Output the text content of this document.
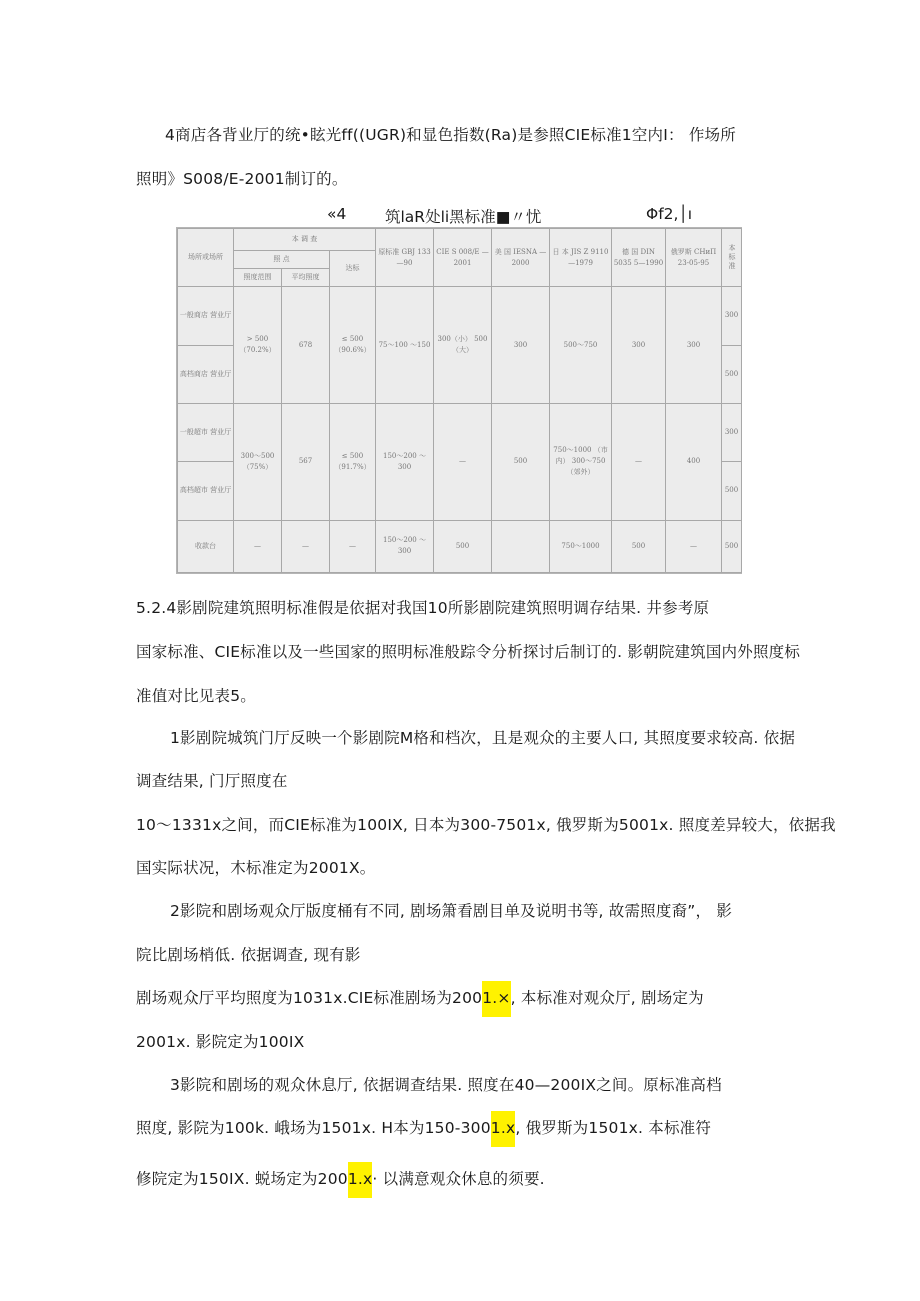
4商店各背业厅的统•眩光ff((UGR)和显色指数(Ra)是参照CIE标准1空内I： 作场所
照明》S008/E-2001制订的。
«4 筑laR处li黑标准■〃忧	Φf2,│ı
场所或场所	本 调 查			原标准 GBJ 133—90	CIE S 008/E —2001	美 国 IESNA —2000	日 本 JIS Z 9110—1979	德 国 DIN 5035 5—1990	俄罗斯 СНиП 23-05-95	本标准
	照 点		达标							
	照度范围	平均照度								
一般商店 营业厅	> 500 （70.2%）	678	≤ 500 （90.6%）	75～100 ～150	300（小） 500（大）	300	500～750	300	300	300
高档商店 营业厅										500
一般超市 营业厅	300～500 （75%）	567	≤ 500 （91.7%）	150～200 ～300	—	500	750～1000 （市内） 300～750 （郊外）	—	400	300
高档超市 营业厅										500
收款台	—	—	—	150～200 ～300	500		750～1000	500	—	500
5.2.4影剧院建筑照明标准假是依据对我国10所影剧院建筑照明调存结果. 井参考原
国家标准、CIE标准以及一些国家的照明标准般踪令分析探讨后制订的. 影朝院建筑国内外照度标
准值对比见表5。
1影剧院城筑门厅反映一个影剧院M格和档次，且是观众的主要人口, 其照度要求较高. 依据
调查结果, 门厅照度在
10～1331x之间，而CIE标准为100IX, 日本为300-7501x, 俄罗斯为5001x. 照度差异较大，依据我
国实际状况，木标准定为2001X。
2影院和剧场观众厅版度桶有不同, 剧场箫看剧目单及说明书等, 故需照度裔”， 影
院比剧场梢低. 依据调查, 现有影
剧场观众厅平均照度为1031x.CIE标准剧场为2001.×, 本标准对观众厅, 剧场定为
2001x. 影院定为100IX
3影院和剧场的观众休息厅, 依据调查结果. 照度在40—200IX之间。原标准高档
照度, 影院为100k. 峨场为1501x. H本为150-3001.x, 俄罗斯为1501x. 本标准符
修院定为150IX. 蜕场定为2001.x· 以满意观众休息的须要.
